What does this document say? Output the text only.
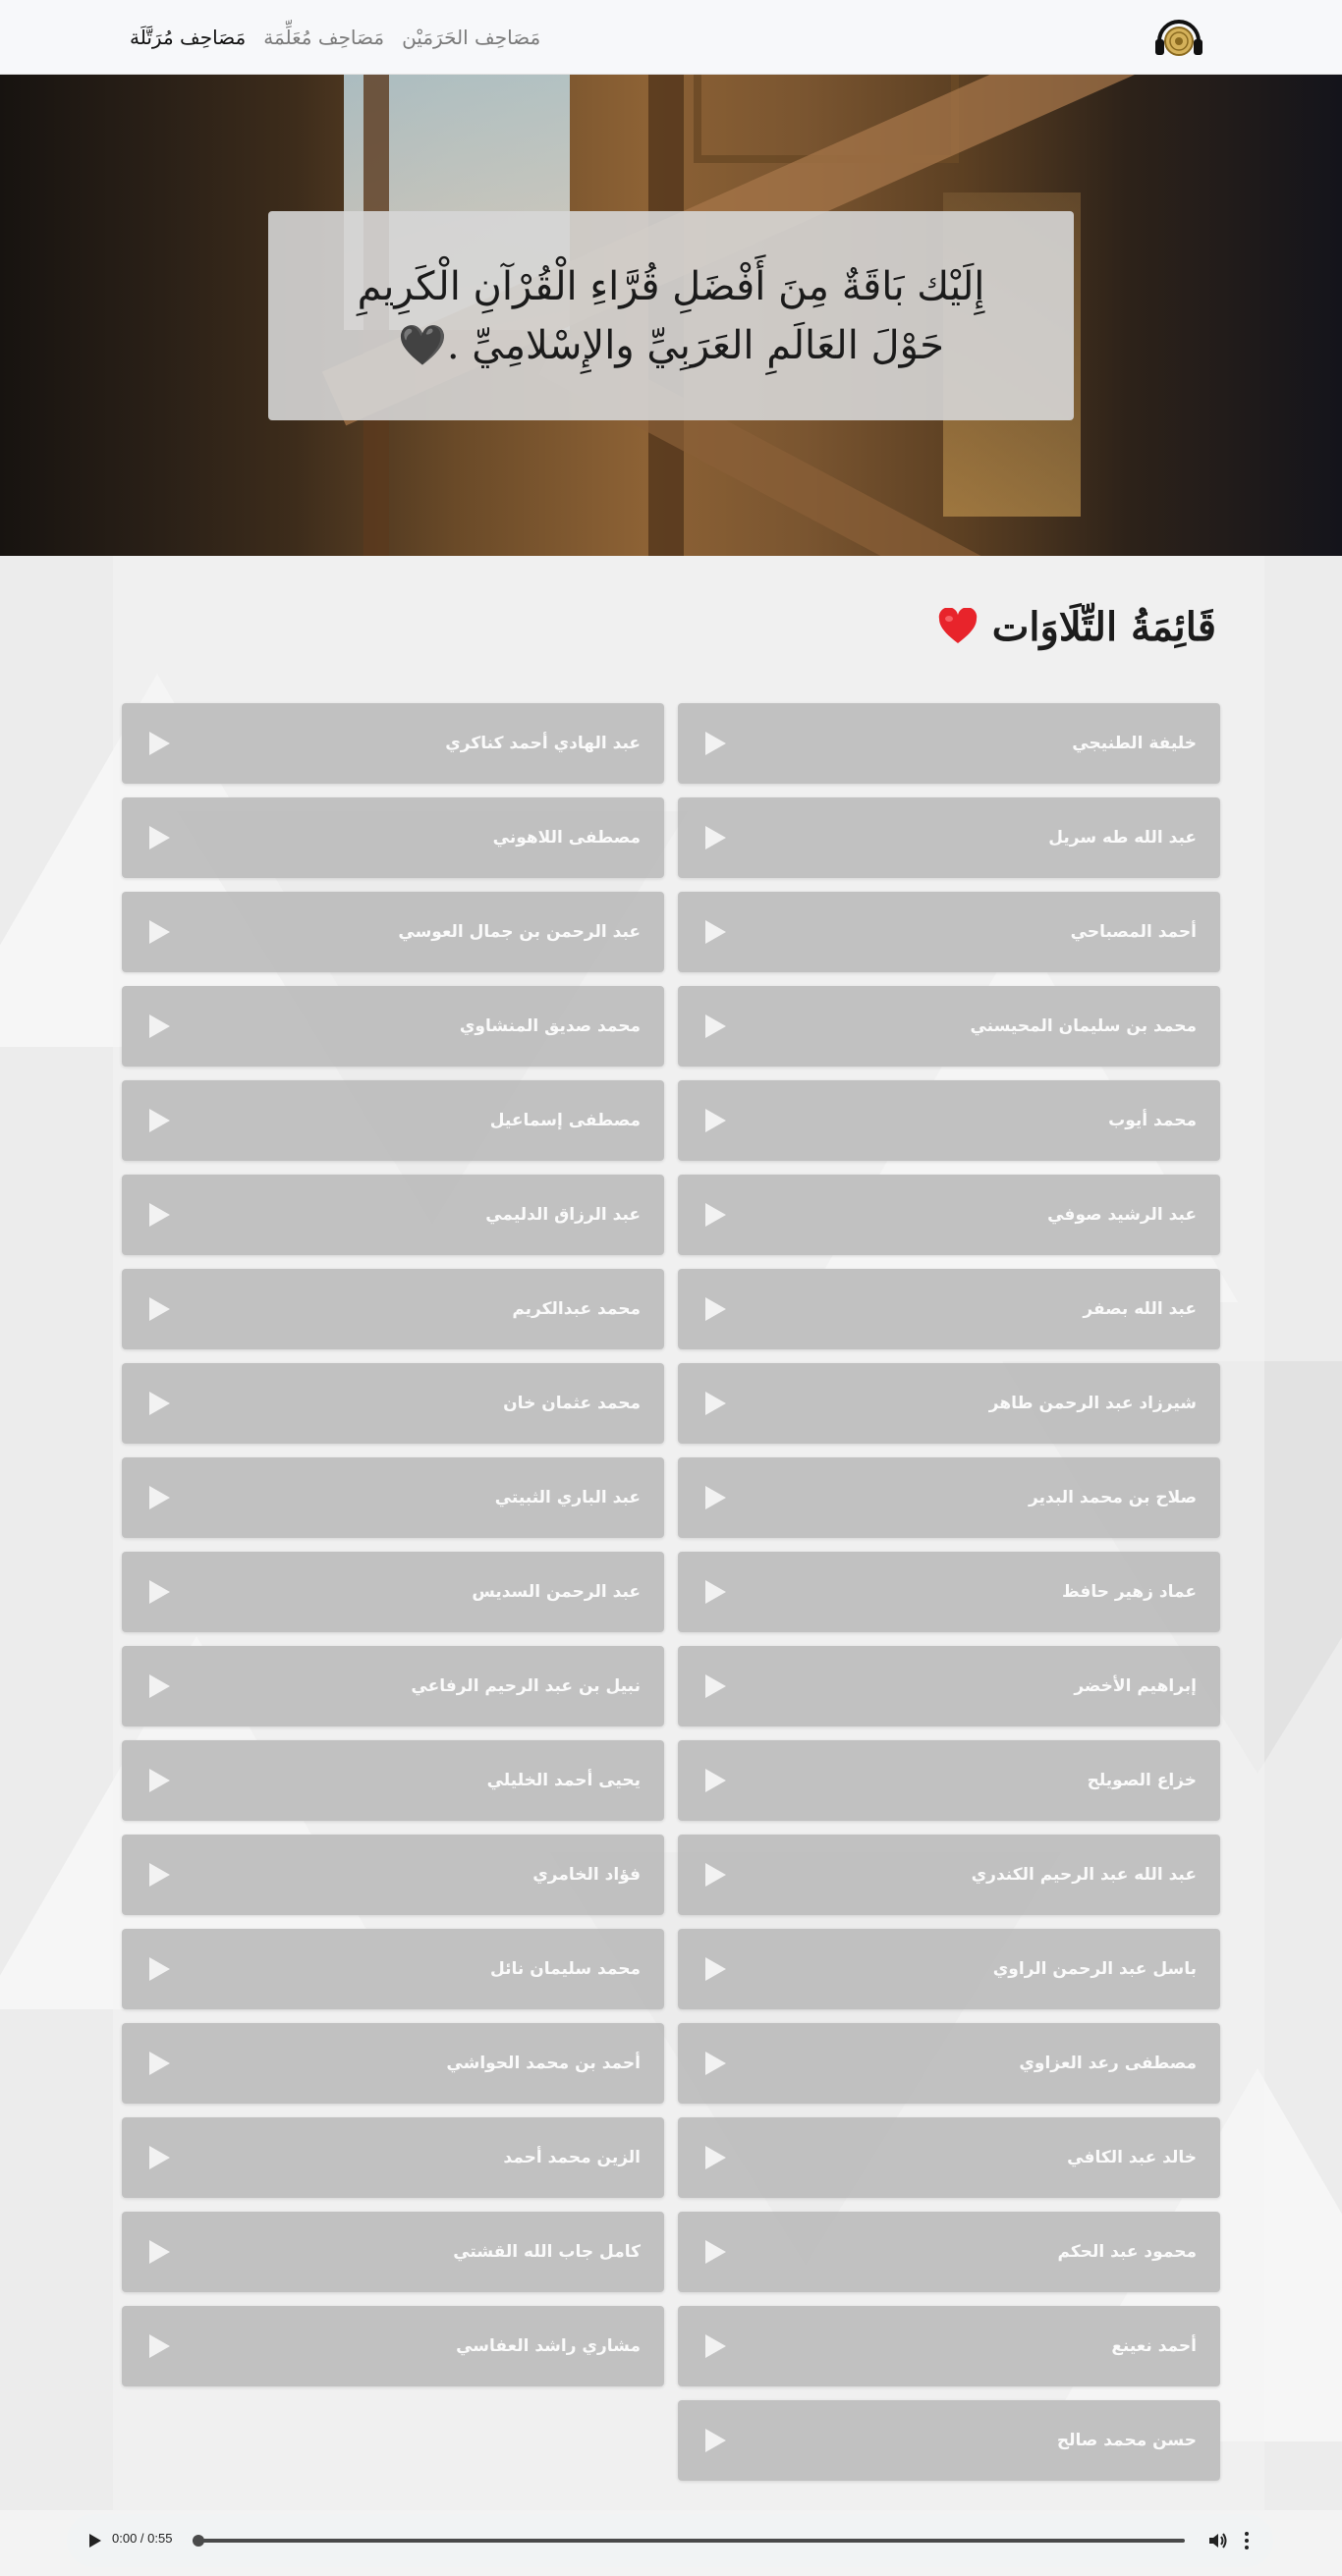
مَصَاحِف مُرَتَّلَة مَصَاحِف مُعَلِّمَة مَصَاحِف الحَرَمَيْن

إِلَيْك بَاقَةٌ مِنَ أَفْضَلِ قُرَّاءِ الْقُرْآنِ الْكَرِيمِ حَوْلَ العَالَمِ العَرَبِيِّ والإِسْلامِيِّ .🖤

قَائِمَةُ التِّلَاوَات
خليفة الطنيجي
عبد الهادي أحمد كناكري
عبد الله طه سريل
مصطفى اللاهوني
أحمد المصباحي
عبد الرحمن بن جمال العوسي
محمد بن سليمان المحيسني
محمد صديق المنشاوي
محمد أيوب
مصطفى إسماعيل
عبد الرشيد صوفي
عبد الرزاق الدليمي
عبد الله بصفر
محمد عبدالكريم
شيرزاد عبد الرحمن طاهر
محمد عثمان خان
صلاح بن محمد البدير
عبد الباري الثبيتي
عماد زهير حافظ
عبد الرحمن السديس
إبراهيم الأخضر
نبيل بن عبد الرحيم الرفاعي
خزاع الصويلح
يحيى أحمد الخليلي
عبد الله عبد الرحيم الكندري
فؤاد الخامري
باسل عبد الرحمن الراوي
محمد سليمان نائل
مصطفى رعد العزاوي
أحمد بن محمد الحواشي
خالد عبد الكافي
الزين محمد أحمد
محمود عبد الحكم
كامل جاب الله القشتي
أحمد نعينع
مشاري راشد العفاسي
حسن محمد صالح
0:00 / 0:55
